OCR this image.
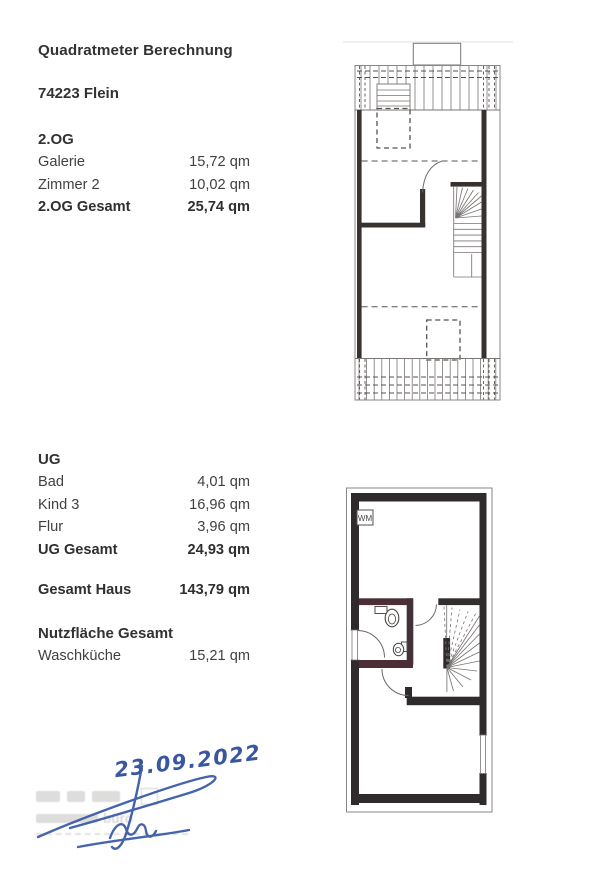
Quadratmeter Berechnung
74223 Flein
2.OG
Galerie	15,72 qm
Zimmer 2	10,02 qm
2.OG Gesamt	25,74 qm
UG
Bad	4,01 qm
Kind 3	16,96 qm
Flur	3,96 qm
UG Gesamt	24,93 qm
Gesamt Haus	143,79 qm
Nutzfläche Gesamt
Waschküche	15,21 qm
WM
büro
23.09.2022
